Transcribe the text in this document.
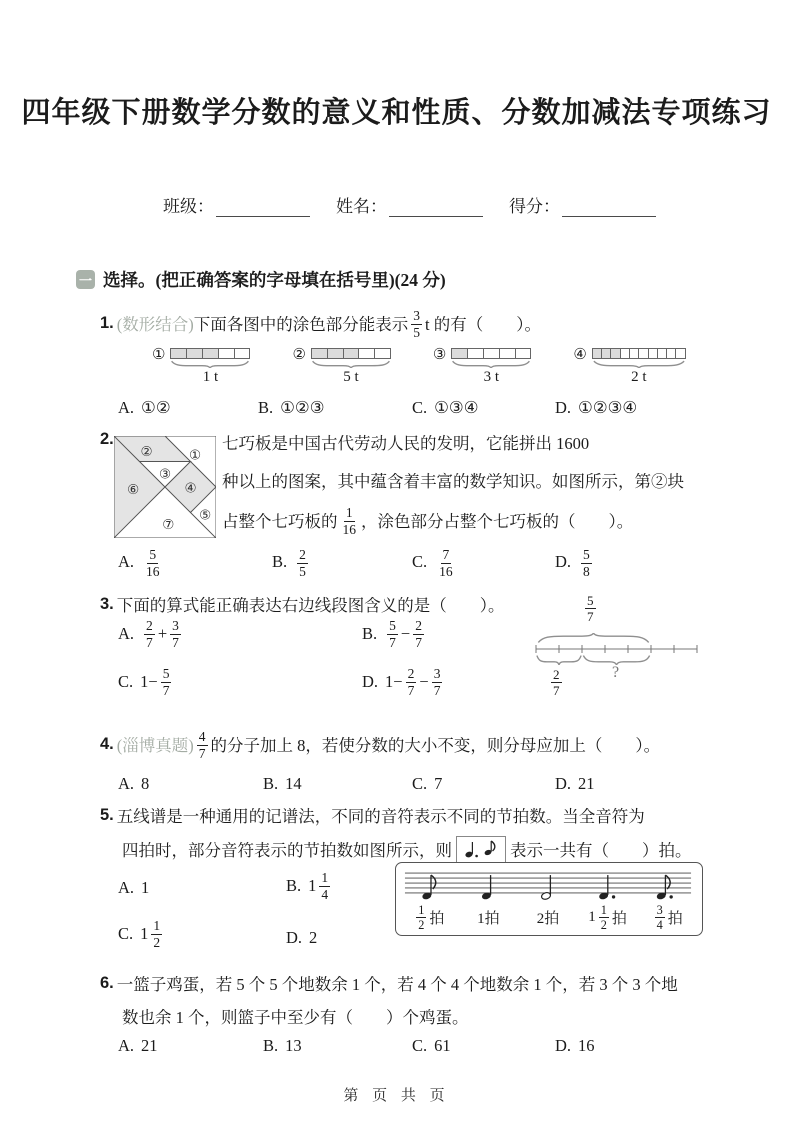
四年级下册数学分数的意义和性质、分数加减法专项练习
班级：	姓名：	得分：
一 选择。 (把正确答案的字母填在括号里)(24 分)
1. (数形结合) 下面各图中的涂色部分能表示 $\frac{3}{5}$ t 的有（　　）。
①
1 t
②
5 t
③
3 t
④
2 t
A. ①②	B. ①②③	C. ①③④	D. ①②③④
2.
①
②
③
④
⑤
⑥
⑦
七巧板是中国古代劳动人民的发明，它能拼出 1600
种以上的图案，其中蕴含着丰富的数学知识。如图所示，第②块
占整个七巧板的 $\frac{1}{16}$ ，涂色部分占整个七巧板的（　　）。
A. $\frac{5}{16}$	B. $\frac{2}{5}$	C. $\frac{7}{16}$	D. $\frac{5}{8}$
3. 下面的算式能正确表达右边线段图含义的是（　　）。
A. $\frac{2}{7} + \frac{3}{7}$	B. $\frac{5}{7} - \frac{2}{7}$
C. $1- \frac{5}{7}$	D. $1- \frac{2}{7} - \frac{3}{7}$
$\frac{5}{7}$
$\frac{2}{7}$	?
4. (淄博真题) $\frac{4}{7}$ 的分子加上 8，若使分数的大小不变，则分母应加上（　　）。
A. 8	B. 14	C. 7	D. 21
5. 五线谱是一种通用的记谱法，不同的音符表示不同的节拍数。当全音符为
四拍时，部分音符表示的节拍数如图所示，则	表示一共有（　　）拍。
A. 1	B. $1 \frac{1}{4}$
C. $1 \frac{1}{2}$	D. 2
$\frac{1}{2}$ 拍 1拍 2拍 $1 \frac{1}{2}$ 拍 $\frac{3}{4}$ 拍
6. 一篮子鸡蛋，若 5 个 5 个地数余 1 个，若 4 个 4 个地数余 1 个，若 3 个 3 个地
数也余 1 个，则篮子中至少有（　　）个鸡蛋。
A. 21	B. 13	C. 61	D. 16
第 页 共 页
